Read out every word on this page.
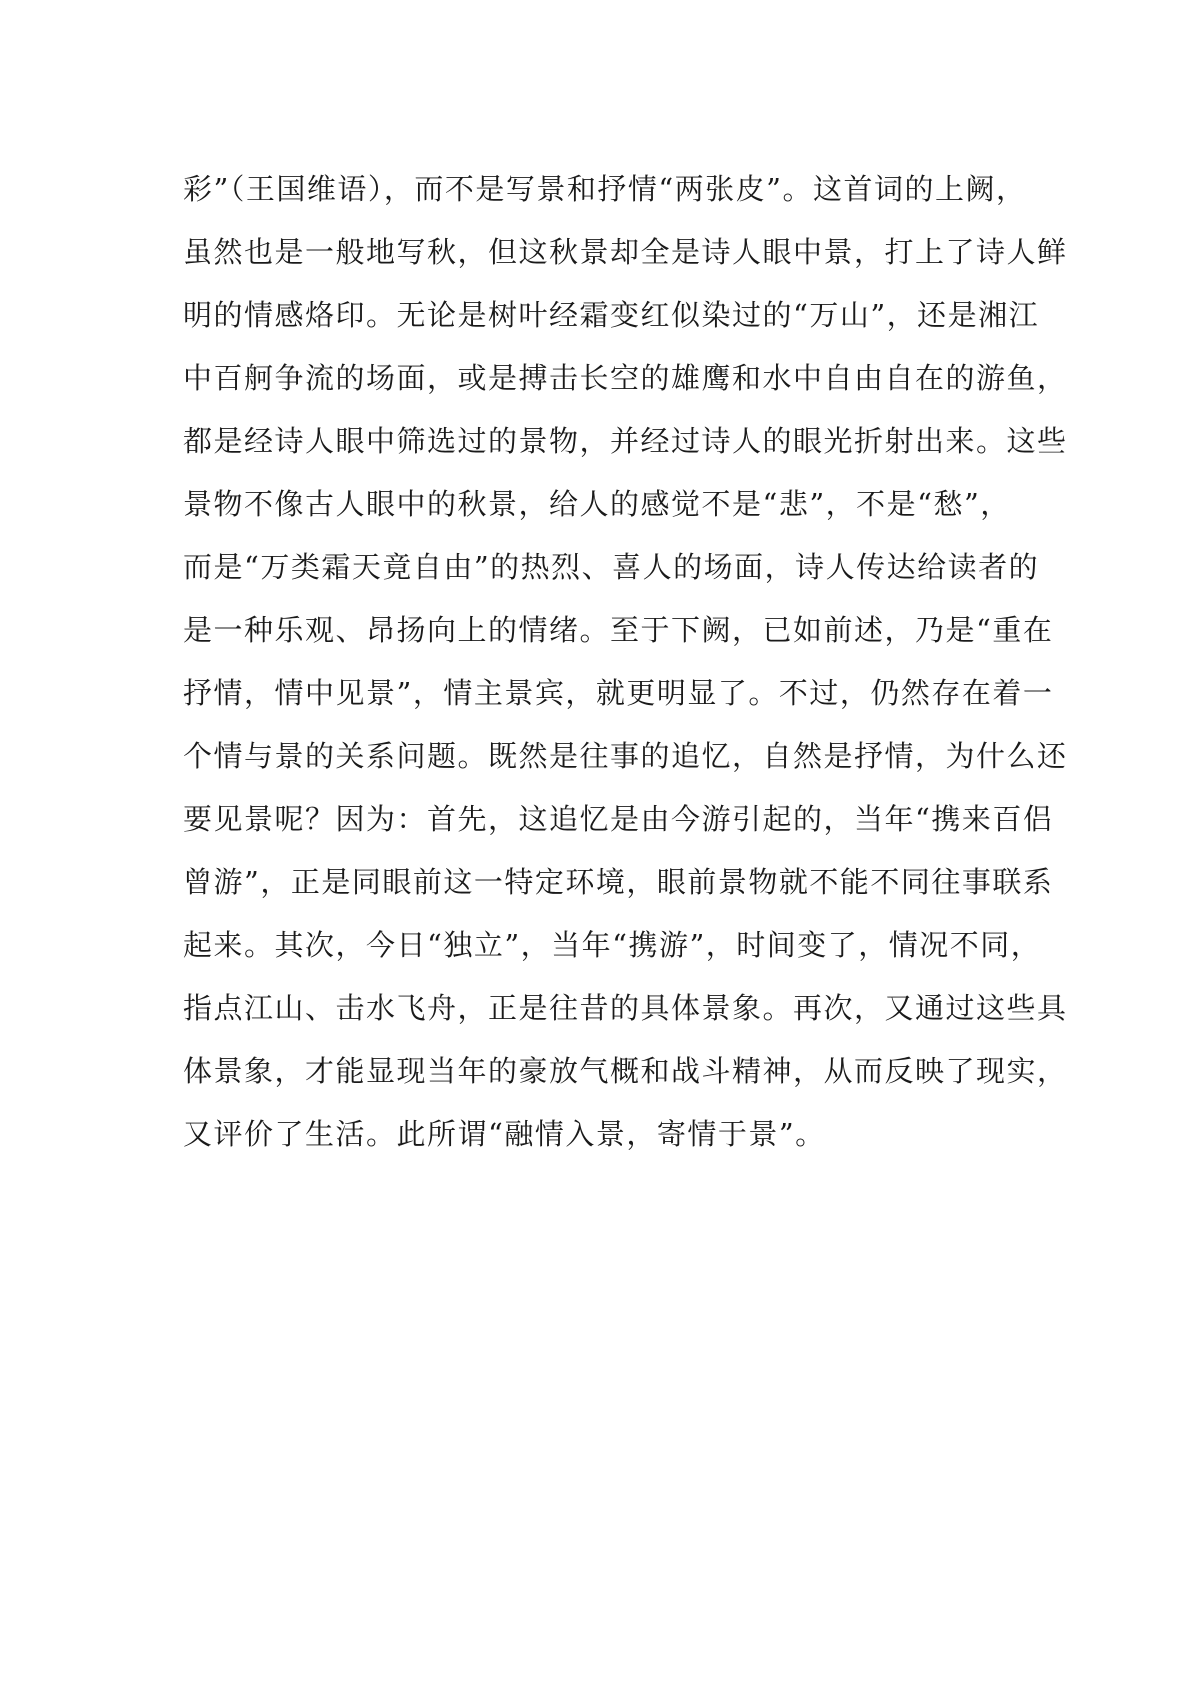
彩”（王国维语），而不是写景和抒情“两张皮”。这首词的上阙，
虽然也是一般地写秋，但这秋景却全是诗人眼中景，打上了诗人鲜
明的情感烙印。无论是树叶经霜变红似染过的“万山”，还是湘江
中百舸争流的场面，或是搏击长空的雄鹰和水中自由自在的游鱼，
都是经诗人眼中筛选过的景物，并经过诗人的眼光折射出来。这些
景物不像古人眼中的秋景，给人的感觉不是“悲”，不是“愁”，
而是“万类霜天竟自由”的热烈、喜人的场面，诗人传达给读者的
是一种乐观、昂扬向上的情绪。至于下阙，已如前述，乃是“重在
抒情，情中见景”，情主景宾，就更明显了。不过，仍然存在着一
个情与景的关系问题。既然是往事的追忆，自然是抒情，为什么还
要见景呢？因为：首先，这追忆是由今游引起的，当年“携来百侣
曾游”，正是同眼前这一特定环境，眼前景物就不能不同往事联系
起来。其次，今日“独立”，当年“携游”，时间变了，情况不同，
指点江山、击水飞舟，正是往昔的具体景象。再次，又通过这些具
体景象，才能显现当年的豪放气概和战斗精神，从而反映了现实，
又评价了生活。此所谓“融情入景，寄情于景”。
